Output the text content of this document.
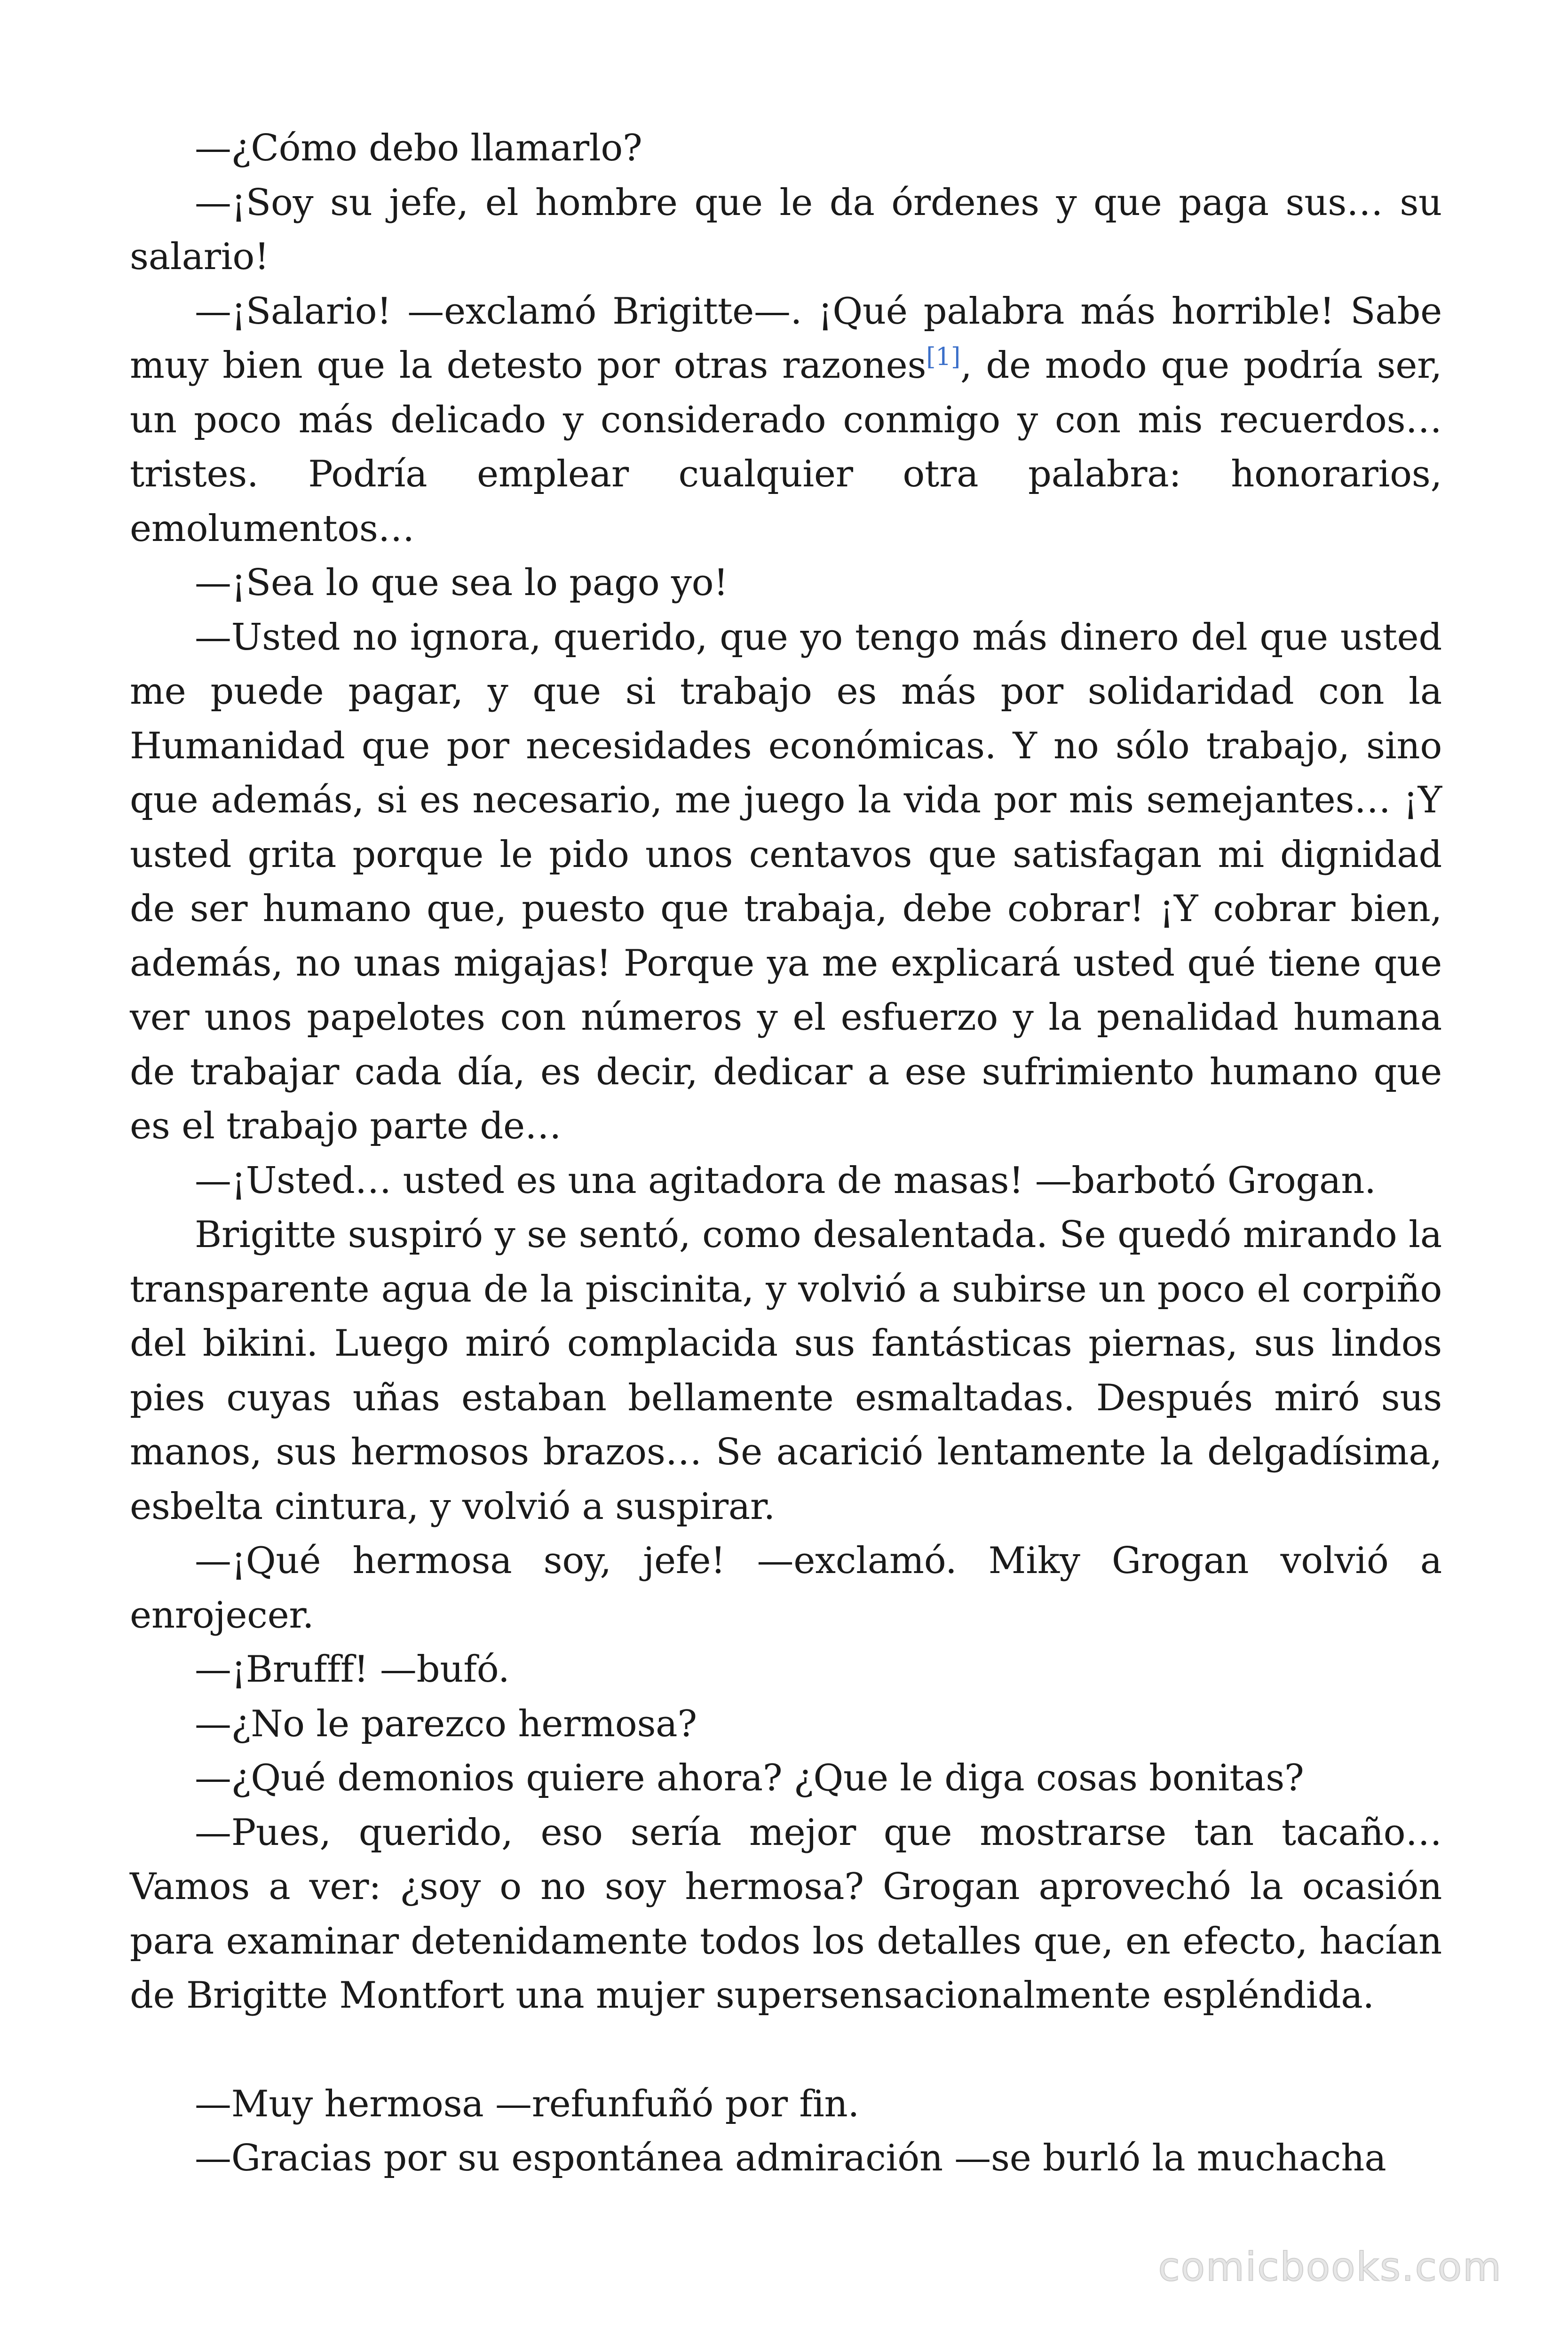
—¿Cómo debo llamarlo?

—¡Soy su jefe, el hombre que le da órdenes y que paga sus… su salario!

—¡Salario! —exclamó Brigitte—. ¡Qué palabra más horrible! Sabe muy bien que la detesto por otras razones[1], de modo que podría ser, un poco más delicado y considerado conmigo y con mis recuerdos… tristes. Podría emplear cualquier otra palabra: honorarios, emolumentos…

—¡Sea lo que sea lo pago yo!

—Usted no ignora, querido, que yo tengo más dinero del que usted me puede pagar, y que si trabajo es más por solidaridad con la Humanidad que por necesidades económicas. Y no sólo trabajo, sino que además, si es necesario, me juego la vida por mis semejantes… ¡Y usted grita porque le pido unos centavos que satisfagan mi dignidad de ser humano que, puesto que trabaja, debe cobrar! ¡Y cobrar bien, además, no unas migajas! Porque ya me explicará usted qué tiene que ver unos papelotes con números y el esfuerzo y la penalidad humana de trabajar cada día, es decir, dedicar a ese sufrimiento humano que es el trabajo parte de…

—¡Usted… usted es una agitadora de masas! —barbotó Grogan.

Brigitte suspiró y se sentó, como desalentada. Se quedó mirando la transparente agua de la piscinita, y volvió a subirse un poco el corpiño del bikini. Luego miró complacida sus fantásticas piernas, sus lindos pies cuyas uñas estaban bellamente esmaltadas. Después miró sus manos, sus hermosos brazos… Se acarició lentamente la delgadísima, esbelta cintura, y volvió a suspirar.

—¡Qué hermosa soy, jefe! —exclamó. Miky Grogan volvió a enrojecer.

—¡Brufff! —bufó.

—¿No le parezco hermosa?

—¿Qué demonios quiere ahora? ¿Que le diga cosas bonitas?

—Pues, querido, eso sería mejor que mostrarse tan tacaño… Vamos a ver: ¿soy o no soy hermosa? Grogan aprovechó la ocasión para examinar detenidamente todos los detalles que, en efecto, hacían de Brigitte Montfort una mujer supersensacionalmente espléndida.

—Muy hermosa —refunfuñó por fin.

—Gracias por su espontánea admiración —se burló la muchacha

comicbooks.com
